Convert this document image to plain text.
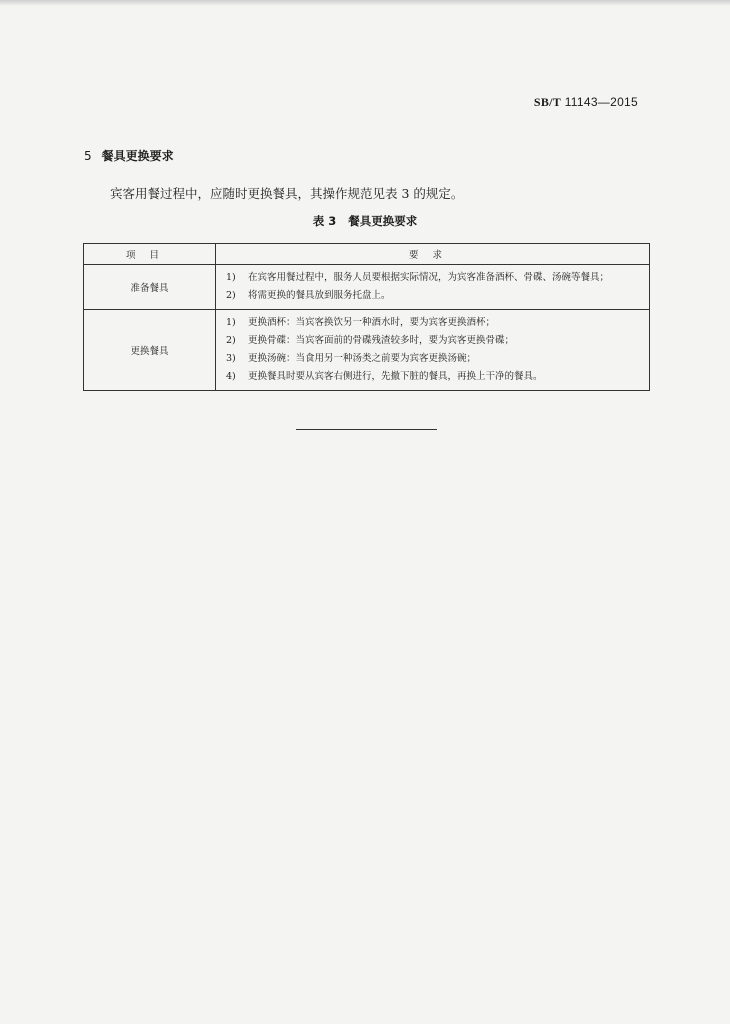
SB/T 11143—2015
5 餐具更换要求
宾客用餐过程中，应随时更换餐具，其操作规范见表 3 的规定。
表 3 餐具更换要求
项目	要求
准备餐具	1) 在宾客用餐过程中，服务人员要根据实际情况，为宾客准备酒杯、骨碟、汤碗等餐具；
2) 将需更换的餐具放到服务托盘上。

更换餐具	1) 更换酒杯：当宾客换饮另一种酒水时，要为宾客更换酒杯；
2) 更换骨碟：当宾客面前的骨碟残渣较多时，要为宾客更换骨碟；
3) 更换汤碗：当食用另一种汤类之前要为宾客更换汤碗；
4) 更换餐具时要从宾客右侧进行，先撤下脏的餐具，再换上干净的餐具。
